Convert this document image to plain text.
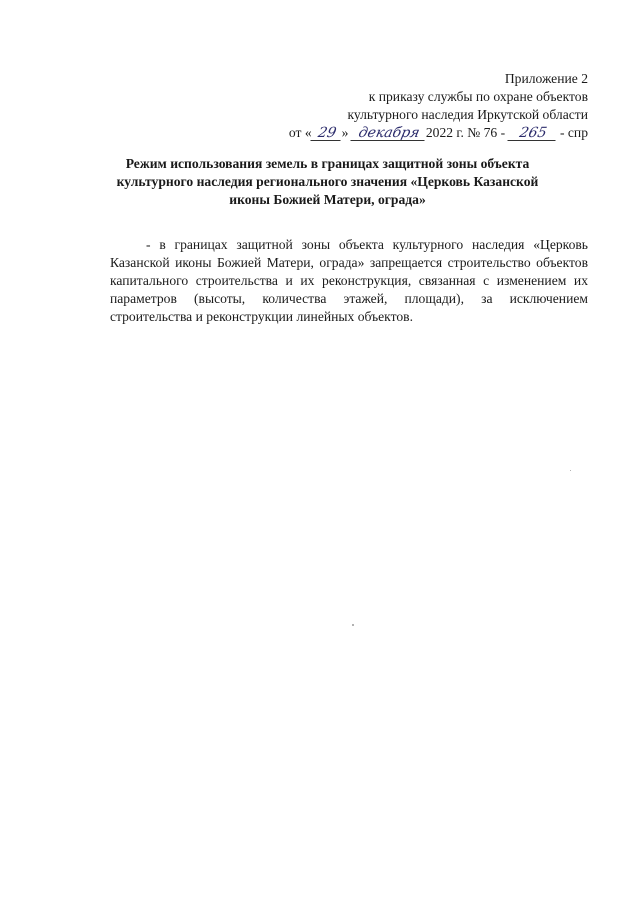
Приложение 2
к приказу службы по охране объектов
культурного наследия Иркутской области
от « 29 » декабря 2022 г. № 76 - 265 - спр
Режим использования земель в границах защитной зоны объекта
культурного наследия регионального значения «Церковь Казанской
иконы Божией Матери, ограда»
- в границах защитной зоны объекта культурного наследия «Церковь Казанской иконы Божией Матери, ограда» запрещается строительство объектов капитального строительства и их реконструкция, связанная с изменением их параметров (высоты, количества этажей, площади), за исключением строительства и реконструкции линейных объектов.
